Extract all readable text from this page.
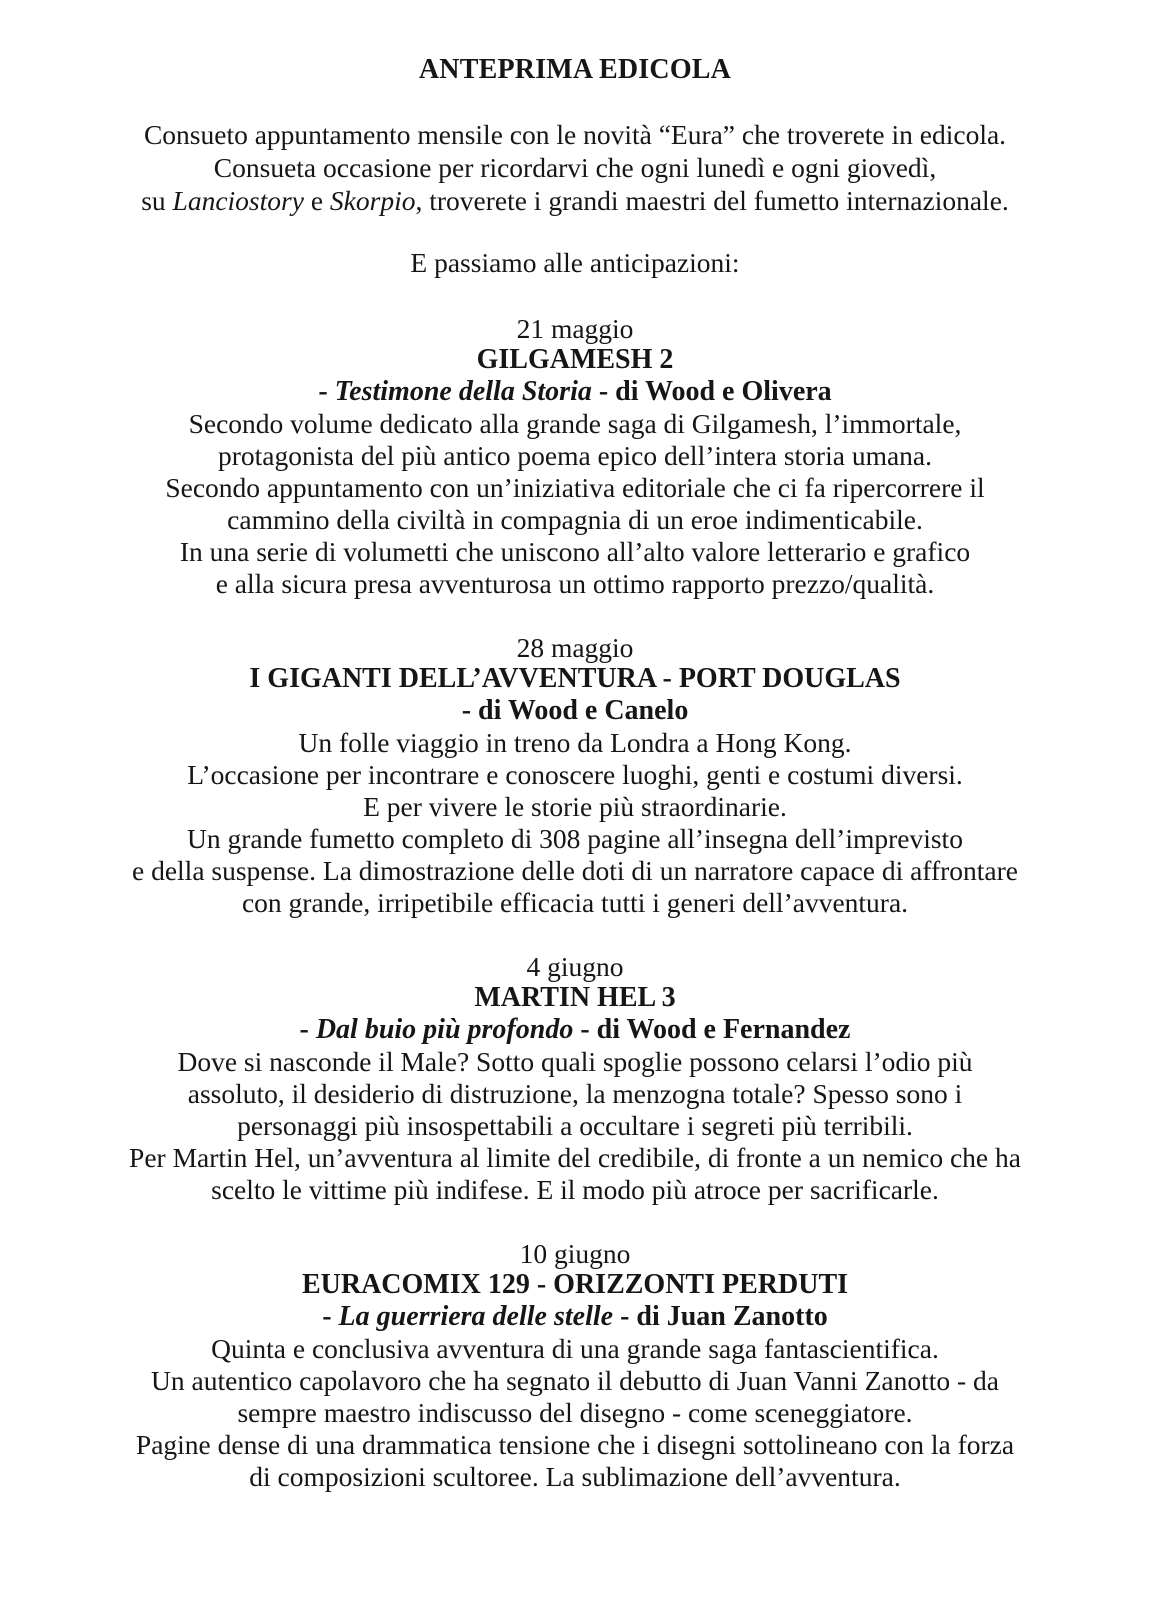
ANTEPRIMA EDICOLA

Consueto appuntamento mensile con le novità “Eura” che troverete in edicola.

Consueta occasione per ricordarvi che ogni lunedì e ogni giovedì,

su Lanciostory e Skorpio, troverete i grandi maestri del fumetto internazionale.

E passiamo alle anticipazioni:
21 maggio
GILGAMESH 2
- Testimone della Storia - di Wood e Olivera

Secondo volume dedicato alla grande saga di Gilgamesh, l’immortale,

protagonista del più antico poema epico dell’intera storia umana.

Secondo appuntamento con un’iniziativa editoriale che ci fa ripercorrere il

cammino della civiltà in compagnia di un eroe indimenticabile.

In una serie di volumetti che uniscono all’alto valore letterario e grafico

e alla sicura presa avventurosa un ottimo rapporto prezzo/qualità.

28 maggio
I GIGANTI DELL’AVVENTURA - PORT DOUGLAS
- di Wood e Canelo

Un folle viaggio in treno da Londra a Hong Kong.

L’occasione per incontrare e conoscere luoghi, genti e costumi diversi.

E per vivere le storie più straordinarie.

Un grande fumetto completo di 308 pagine all’insegna dell’imprevisto

e della suspense. La dimostrazione delle doti di un narratore capace di affrontare

con grande, irripetibile efficacia tutti i generi dell’avventura.

4 giugno
MARTIN HEL 3
- Dal buio più profondo - di Wood e Fernandez

Dove si nasconde il Male? Sotto quali spoglie possono celarsi l’odio più

assoluto, il desiderio di distruzione, la menzogna totale? Spesso sono i

personaggi più insospettabili a occultare i segreti più terribili.

Per Martin Hel, un’avventura al limite del credibile, di fronte a un nemico che ha

scelto le vittime più indifese. E il modo più atroce per sacrificarle.

10 giugno
EURACOMIX 129 - ORIZZONTI PERDUTI
- La guerriera delle stelle - di Juan Zanotto

Quinta e conclusiva avventura di una grande saga fantascientifica.

Un autentico capolavoro che ha segnato il debutto di Juan Vanni Zanotto - da

sempre maestro indiscusso del disegno - come sceneggiatore.

Pagine dense di una drammatica tensione che i disegni sottolineano con la forza

di composizioni scultoree. La sublimazione dell’avventura.
